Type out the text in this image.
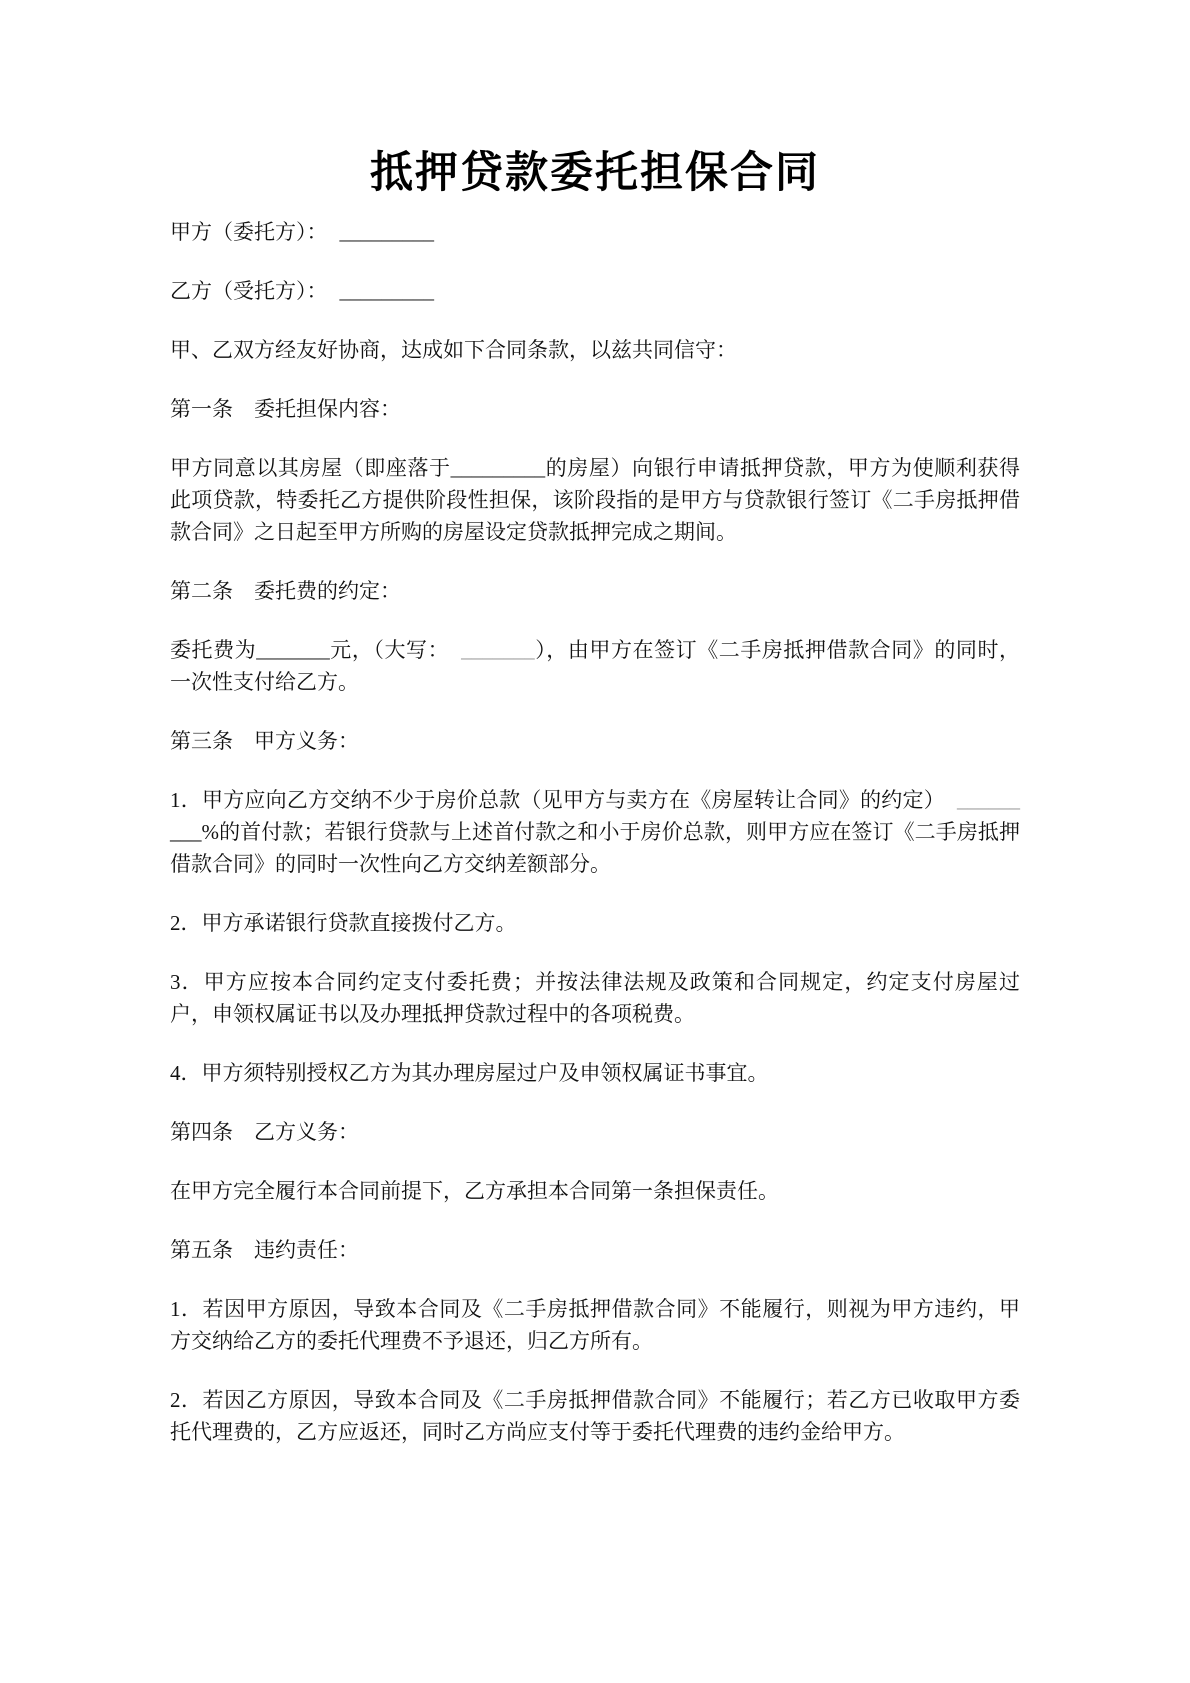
抵押贷款委托担保合同

甲方（委托方）： _________

乙方（受托方）： _________

甲、乙双方经友好协商，达成如下合同条款，以兹共同信守：

第一条　委托担保内容：

甲方同意以其房屋（即座落于_________的房屋）向银行申请抵押贷款，甲方为使顺利获得此项贷款，特委托乙方提供阶段性担保，该阶段指的是甲方与贷款银行签订《二手房抵押借款合同》之日起至甲方所购的房屋设定贷款抵押完成之期间。

第二条　委托费的约定：

委托费为_______元，（大写： _______），由甲方在签订《二手房抵押借款合同》的同时，一次性支付给乙方。

第三条　甲方义务：

1．甲方应向乙方交纳不少于房价总款（见甲方与卖方在《房屋转让合同》的约定） _________%的首付款；若银行贷款与上述首付款之和小于房价总款，则甲方应在签订《二手房抵押借款合同》的同时一次性向乙方交纳差额部分。

2．甲方承诺银行贷款直接拨付乙方。

3．甲方应按本合同约定支付委托费；并按法律法规及政策和合同规定，约定支付房屋过户，申领权属证书以及办理抵押贷款过程中的各项税费。

4．甲方须特别授权乙方为其办理房屋过户及申领权属证书事宜。

第四条　乙方义务：

在甲方完全履行本合同前提下，乙方承担本合同第一条担保责任。

第五条　违约责任：

1．若因甲方原因，导致本合同及《二手房抵押借款合同》不能履行，则视为甲方违约，甲方交纳给乙方的委托代理费不予退还，归乙方所有。

2．若因乙方原因，导致本合同及《二手房抵押借款合同》不能履行；若乙方已收取甲方委托代理费的，乙方应返还，同时乙方尚应支付等于委托代理费的违约金给甲方。
